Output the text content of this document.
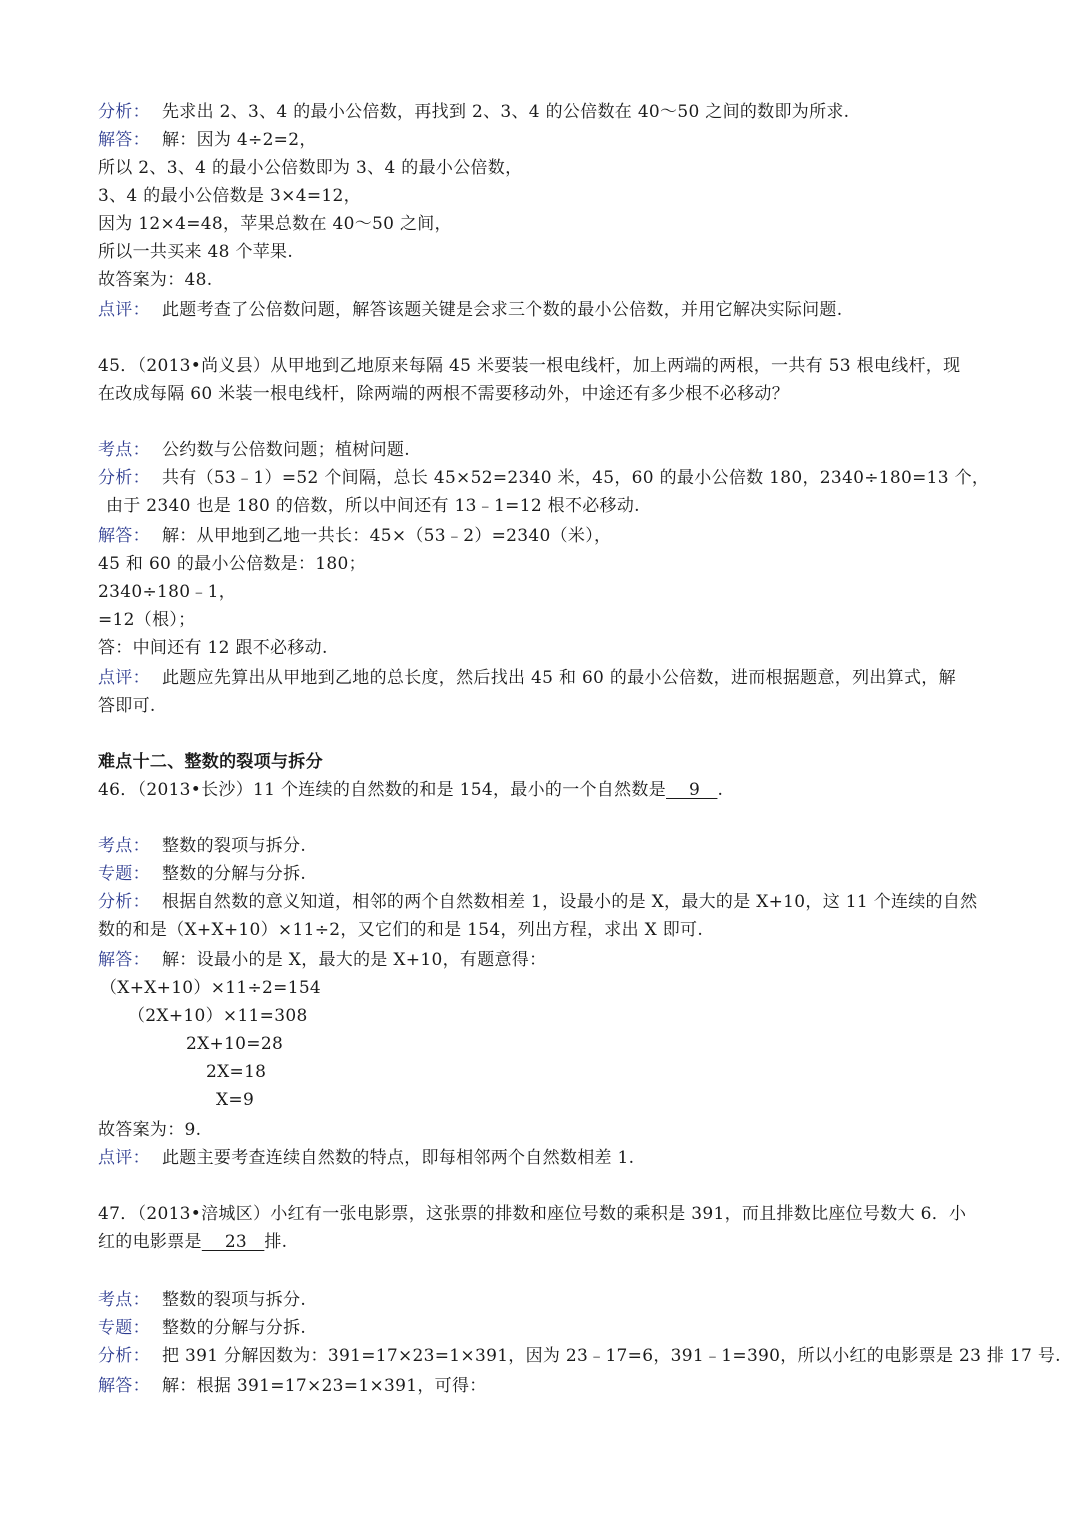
分析： 先求出 2、3、4 的最小公倍数，再找到 2、3、4 的公倍数在 40～50 之间的数即为所求.
解答： 解：因为 4÷2=2，
所以 2、3、4 的最小公倍数即为 3、4 的最小公倍数，
3、4 的最小公倍数是 3×4=12，
因为 12×4=48，苹果总数在 40～50 之间，
所以一共买来 48 个苹果.
故答案为：48.
点评： 此题考查了公倍数问题，解答该题关键是会求三个数的最小公倍数，并用它解决实际问题.
45．（2013•尚义县）从甲地到乙地原来每隔 45 米要装一根电线杆，加上两端的两根，一共有 53 根电线杆，现
在改成每隔 60 米装一根电线杆，除两端的两根不需要移动外，中途还有多少根不必移动？
考点： 公约数与公倍数问题；植树问题.
分析： 共有（53﹣1）=52 个间隔，总长 45×52=2340 米，45，60 的最小公倍数 180，2340÷180=13 个，
由于 2340 也是 180 的倍数，所以中间还有 13﹣1=12 根不必移动.
解答： 解：从甲地到乙地一共长：45×（53﹣2）=2340（米），
45 和 60 的最小公倍数是：180；
2340÷180﹣1，
=12（根）；
答：中间还有 12 跟不必移动.
点评： 此题应先算出从甲地到乙地的总长度，然后找出 45 和 60 的最小公倍数，进而根据题意，列出算式，解
答即可.
难点十二、整数的裂项与拆分
46．（2013•长沙）11 个连续的自然数的和是 154，最小的一个自然数是　 9　.
考点： 整数的裂项与拆分.
专题： 整数的分解与分拆.
分析： 根据自然数的意义知道，相邻的两个自然数相差 1，设最小的是 X，最大的是 X+10，这 11 个连续的自然
数的和是（X+X+10）×11÷2，又它们的和是 154，列出方程，求出 X 即可.
解答： 解：设最小的是 X，最大的是 X+10，有题意得：
（X+X+10）×11÷2=154
（2X+10）×11=308
2X+10=28
2X=18
X=9
故答案为：9.
点评： 此题主要考查连续自然数的特点，即每相邻两个自然数相差 1.
47．（2013•涪城区）小红有一张电影票，这张票的排数和座位号数的乘积是 391，而且排数比座位号数大 6．小
红的电影票是　 23　排.
考点： 整数的裂项与拆分.
专题： 整数的分解与分拆.
分析： 把 391 分解因数为：391=17×23=1×391，因为 23﹣17=6，391﹣1=390，所以小红的电影票是 23 排 17 号.
解答： 解：根据 391=17×23=1×391，可得：
